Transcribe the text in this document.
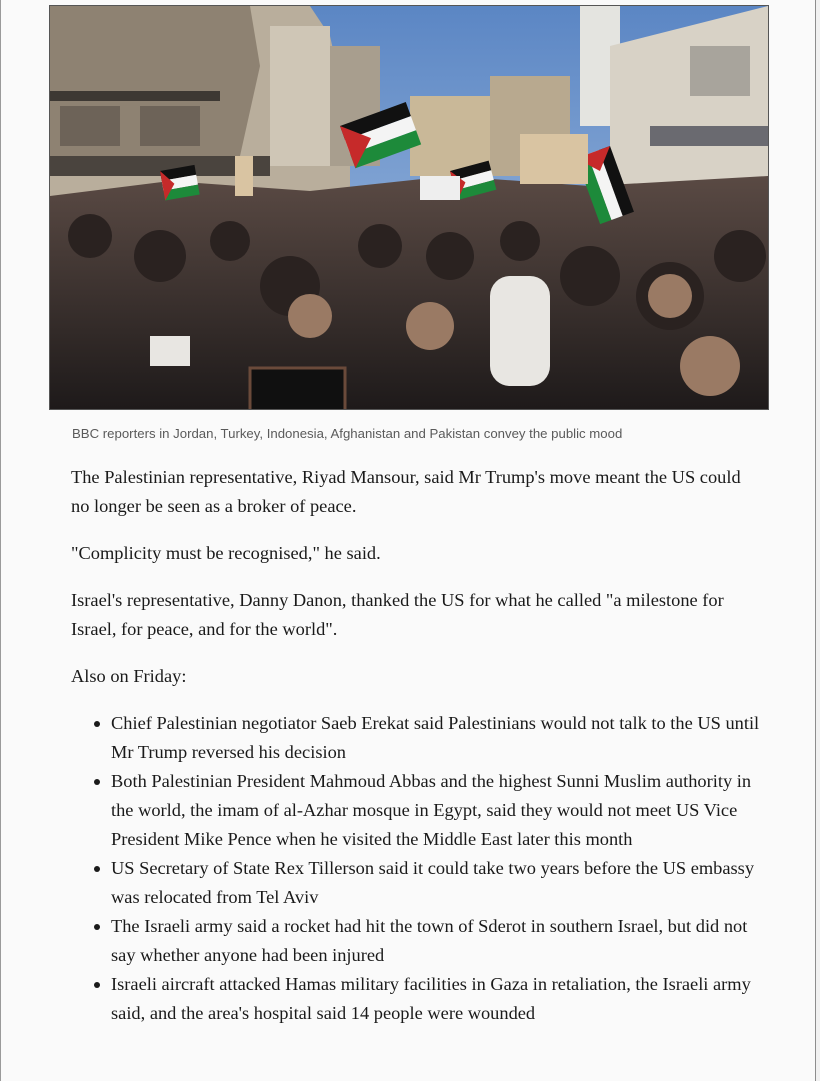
BBC reporters in Jordan, Turkey, Indonesia, Afghanistan and Pakistan convey the public mood

The Palestinian representative, Riyad Mansour, said Mr Trump's move meant the US could no longer be seen as a broker of peace.

"Complicity must be recognised," he said.

Israel's representative, Danny Danon, thanked the US for what he called "a milestone for Israel, for peace, and for the world".

Also on Friday:

Chief Palestinian negotiator Saeb Erekat said Palestinians would not talk to the US until Mr Trump reversed his decision
Both Palestinian President Mahmoud Abbas and the highest Sunni Muslim authority in the world, the imam of al-Azhar mosque in Egypt, said they would not meet US Vice President Mike Pence when he visited the Middle East later this month
US Secretary of State Rex Tillerson said it could take two years before the US embassy was relocated from Tel Aviv
The Israeli army said a rocket had hit the town of Sderot in southern Israel, but did not say whether anyone had been injured
Israeli aircraft attacked Hamas military facilities in Gaza in retaliation, the Israeli army said, and the area's hospital said 14 people were wounded
